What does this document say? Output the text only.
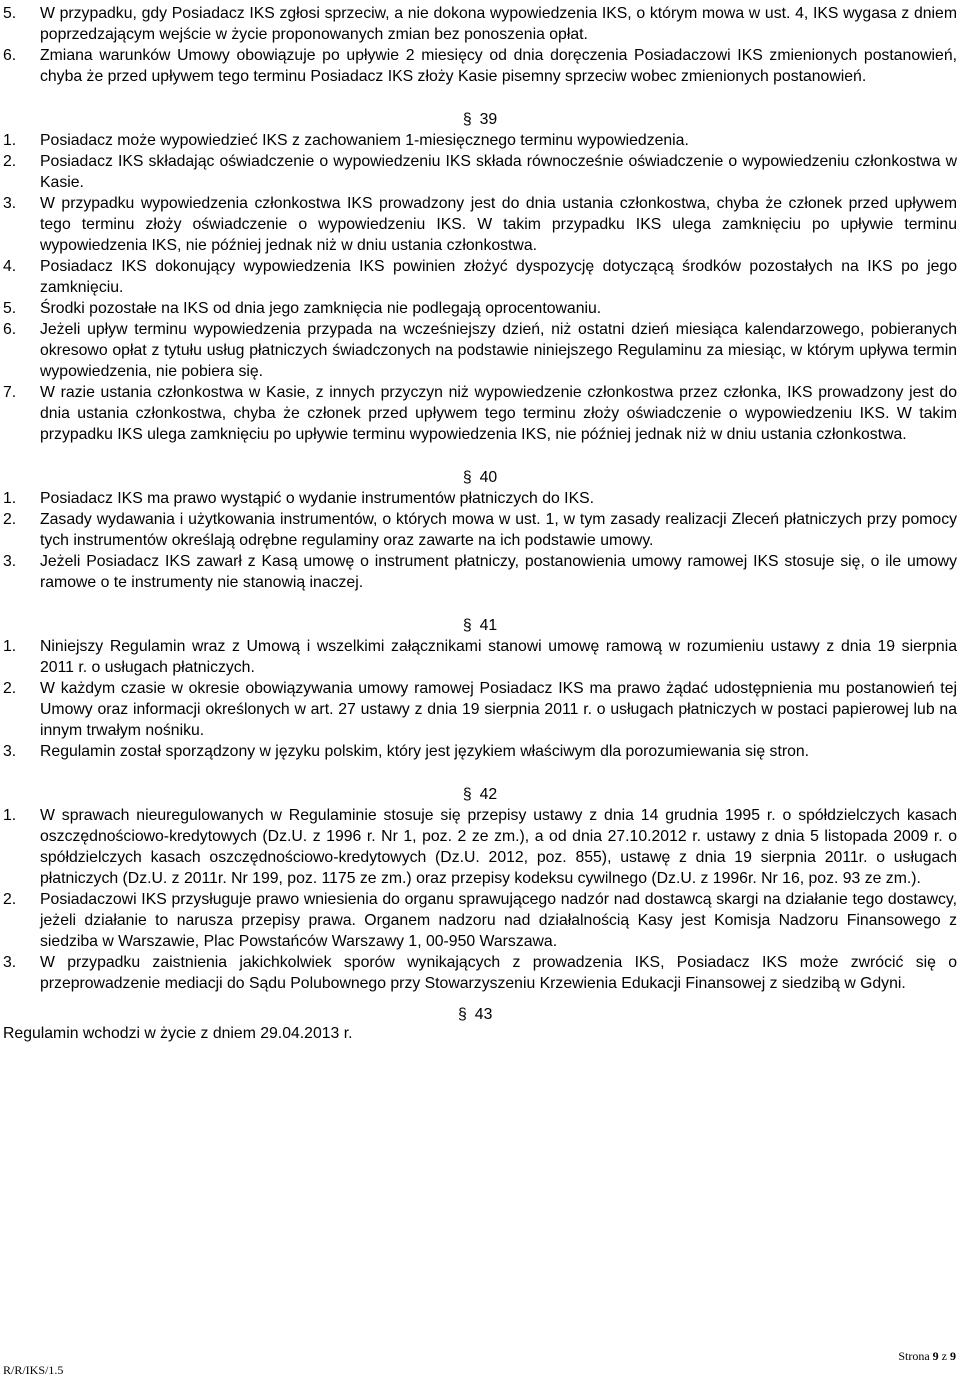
5.	W przypadku, gdy Posiadacz IKS zgłosi sprzeciw, a nie dokona wypowiedzenia IKS, o którym mowa w ust. 4, IKS wygasa z dniem poprzedzającym wejście w życie proponowanych zmian bez ponoszenia opłat.
6.	Zmiana warunków Umowy obowiązuje po upływie 2 miesięcy od dnia doręczenia Posiadaczowi IKS zmienionych postanowień, chyba że przed upływem tego terminu Posiadacz IKS złoży Kasie pisemny sprzeciw wobec zmienionych postanowień.
§ 39
1.	Posiadacz może wypowiedzieć IKS z zachowaniem 1-miesięcznego terminu wypowiedzenia.
2.	Posiadacz IKS składając oświadczenie o wypowiedzeniu IKS składa równocześnie oświadczenie o wypowiedzeniu członkostwa w Kasie.
3.	W przypadku wypowiedzenia członkostwa IKS prowadzony jest do dnia ustania członkostwa, chyba że członek przed upływem tego terminu złoży oświadczenie o wypowiedzeniu IKS. W takim przypadku IKS ulega zamknięciu po upływie terminu wypowiedzenia IKS, nie później jednak niż w dniu ustania członkostwa.
4.	Posiadacz IKS dokonujący wypowiedzenia IKS powinien złożyć dyspozycję dotyczącą środków pozostałych na IKS po jego zamknięciu.
5.	Środki pozostałe na IKS od dnia jego zamknięcia nie podlegają oprocentowaniu.
6.	Jeżeli upływ terminu wypowiedzenia przypada na wcześniejszy dzień, niż ostatni dzień miesiąca kalendarzowego, pobieranych okresowo opłat z tytułu usług płatniczych świadczonych na podstawie niniejszego Regulaminu za miesiąc, w którym upływa termin wypowiedzenia, nie pobiera się.
7.	W razie ustania członkostwa w Kasie, z innych przyczyn niż wypowiedzenie członkostwa przez członka, IKS prowadzony jest do dnia ustania członkostwa, chyba że członek przed upływem tego terminu złoży oświadczenie o wypowiedzeniu IKS. W takim przypadku IKS ulega zamknięciu po upływie terminu wypowiedzenia IKS, nie później jednak niż w dniu ustania członkostwa.
§ 40
1.	Posiadacz IKS ma prawo wystąpić o wydanie instrumentów płatniczych do IKS.
2.	Zasady wydawania i użytkowania instrumentów, o których mowa w ust. 1, w tym zasady realizacji Zleceń płatniczych przy pomocy tych instrumentów określają odrębne regulaminy oraz zawarte na ich podstawie umowy.
3.	Jeżeli Posiadacz IKS zawarł z Kasą umowę o instrument płatniczy, postanowienia umowy ramowej IKS stosuje się, o ile umowy ramowe o te instrumenty nie stanowią inaczej.
§ 41
1.	Niniejszy Regulamin wraz z Umową i wszelkimi załącznikami stanowi umowę ramową w rozumieniu ustawy z dnia 19 sierpnia 2011 r. o usługach płatniczych.
2.	W każdym czasie w okresie obowiązywania umowy ramowej Posiadacz IKS ma prawo żądać udostępnienia mu postanowień tej Umowy oraz informacji określonych w art. 27 ustawy z dnia 19 sierpnia 2011 r. o usługach płatniczych w postaci papierowej lub na innym trwałym nośniku.
3.	Regulamin został sporządzony w języku polskim, który jest językiem właściwym dla porozumiewania się stron.
§ 42
1.	W sprawach nieuregulowanych w Regulaminie stosuje się przepisy ustawy z dnia 14 grudnia 1995 r. o spółdzielczych kasach oszczędnościowo-kredytowych (Dz.U. z 1996 r. Nr 1, poz. 2 ze zm.), a od dnia 27.10.2012 r. ustawy z dnia 5 listopada 2009 r. o spółdzielczych kasach oszczędnościowo-kredytowych (Dz.U. 2012, poz. 855), ustawę z dnia 19 sierpnia 2011r. o usługach płatniczych (Dz.U. z 2011r. Nr 199, poz. 1175 ze zm.) oraz przepisy kodeksu cywilnego (Dz.U. z 1996r. Nr 16, poz. 93 ze zm.).
2.	Posiadaczowi IKS przysługuje prawo wniesienia do organu sprawującego nadzór nad dostawcą skargi na działanie tego dostawcy, jeżeli działanie to narusza przepisy prawa. Organem nadzoru nad działalnością Kasy jest Komisja Nadzoru Finansowego z siedziba w Warszawie, Plac Powstańców Warszawy 1, 00-950 Warszawa.
3.	W przypadku zaistnienia jakichkolwiek sporów wynikających z prowadzenia IKS, Posiadacz IKS może zwrócić się o przeprowadzenie mediacji do Sądu Polubownego przy Stowarzyszeniu Krzewienia Edukacji Finansowej z siedzibą w Gdyni.
§ 43
Regulamin wchodzi w życie z dniem 29.04.2013 r.
R/R/IKS/1.5
Strona 9 z 9
